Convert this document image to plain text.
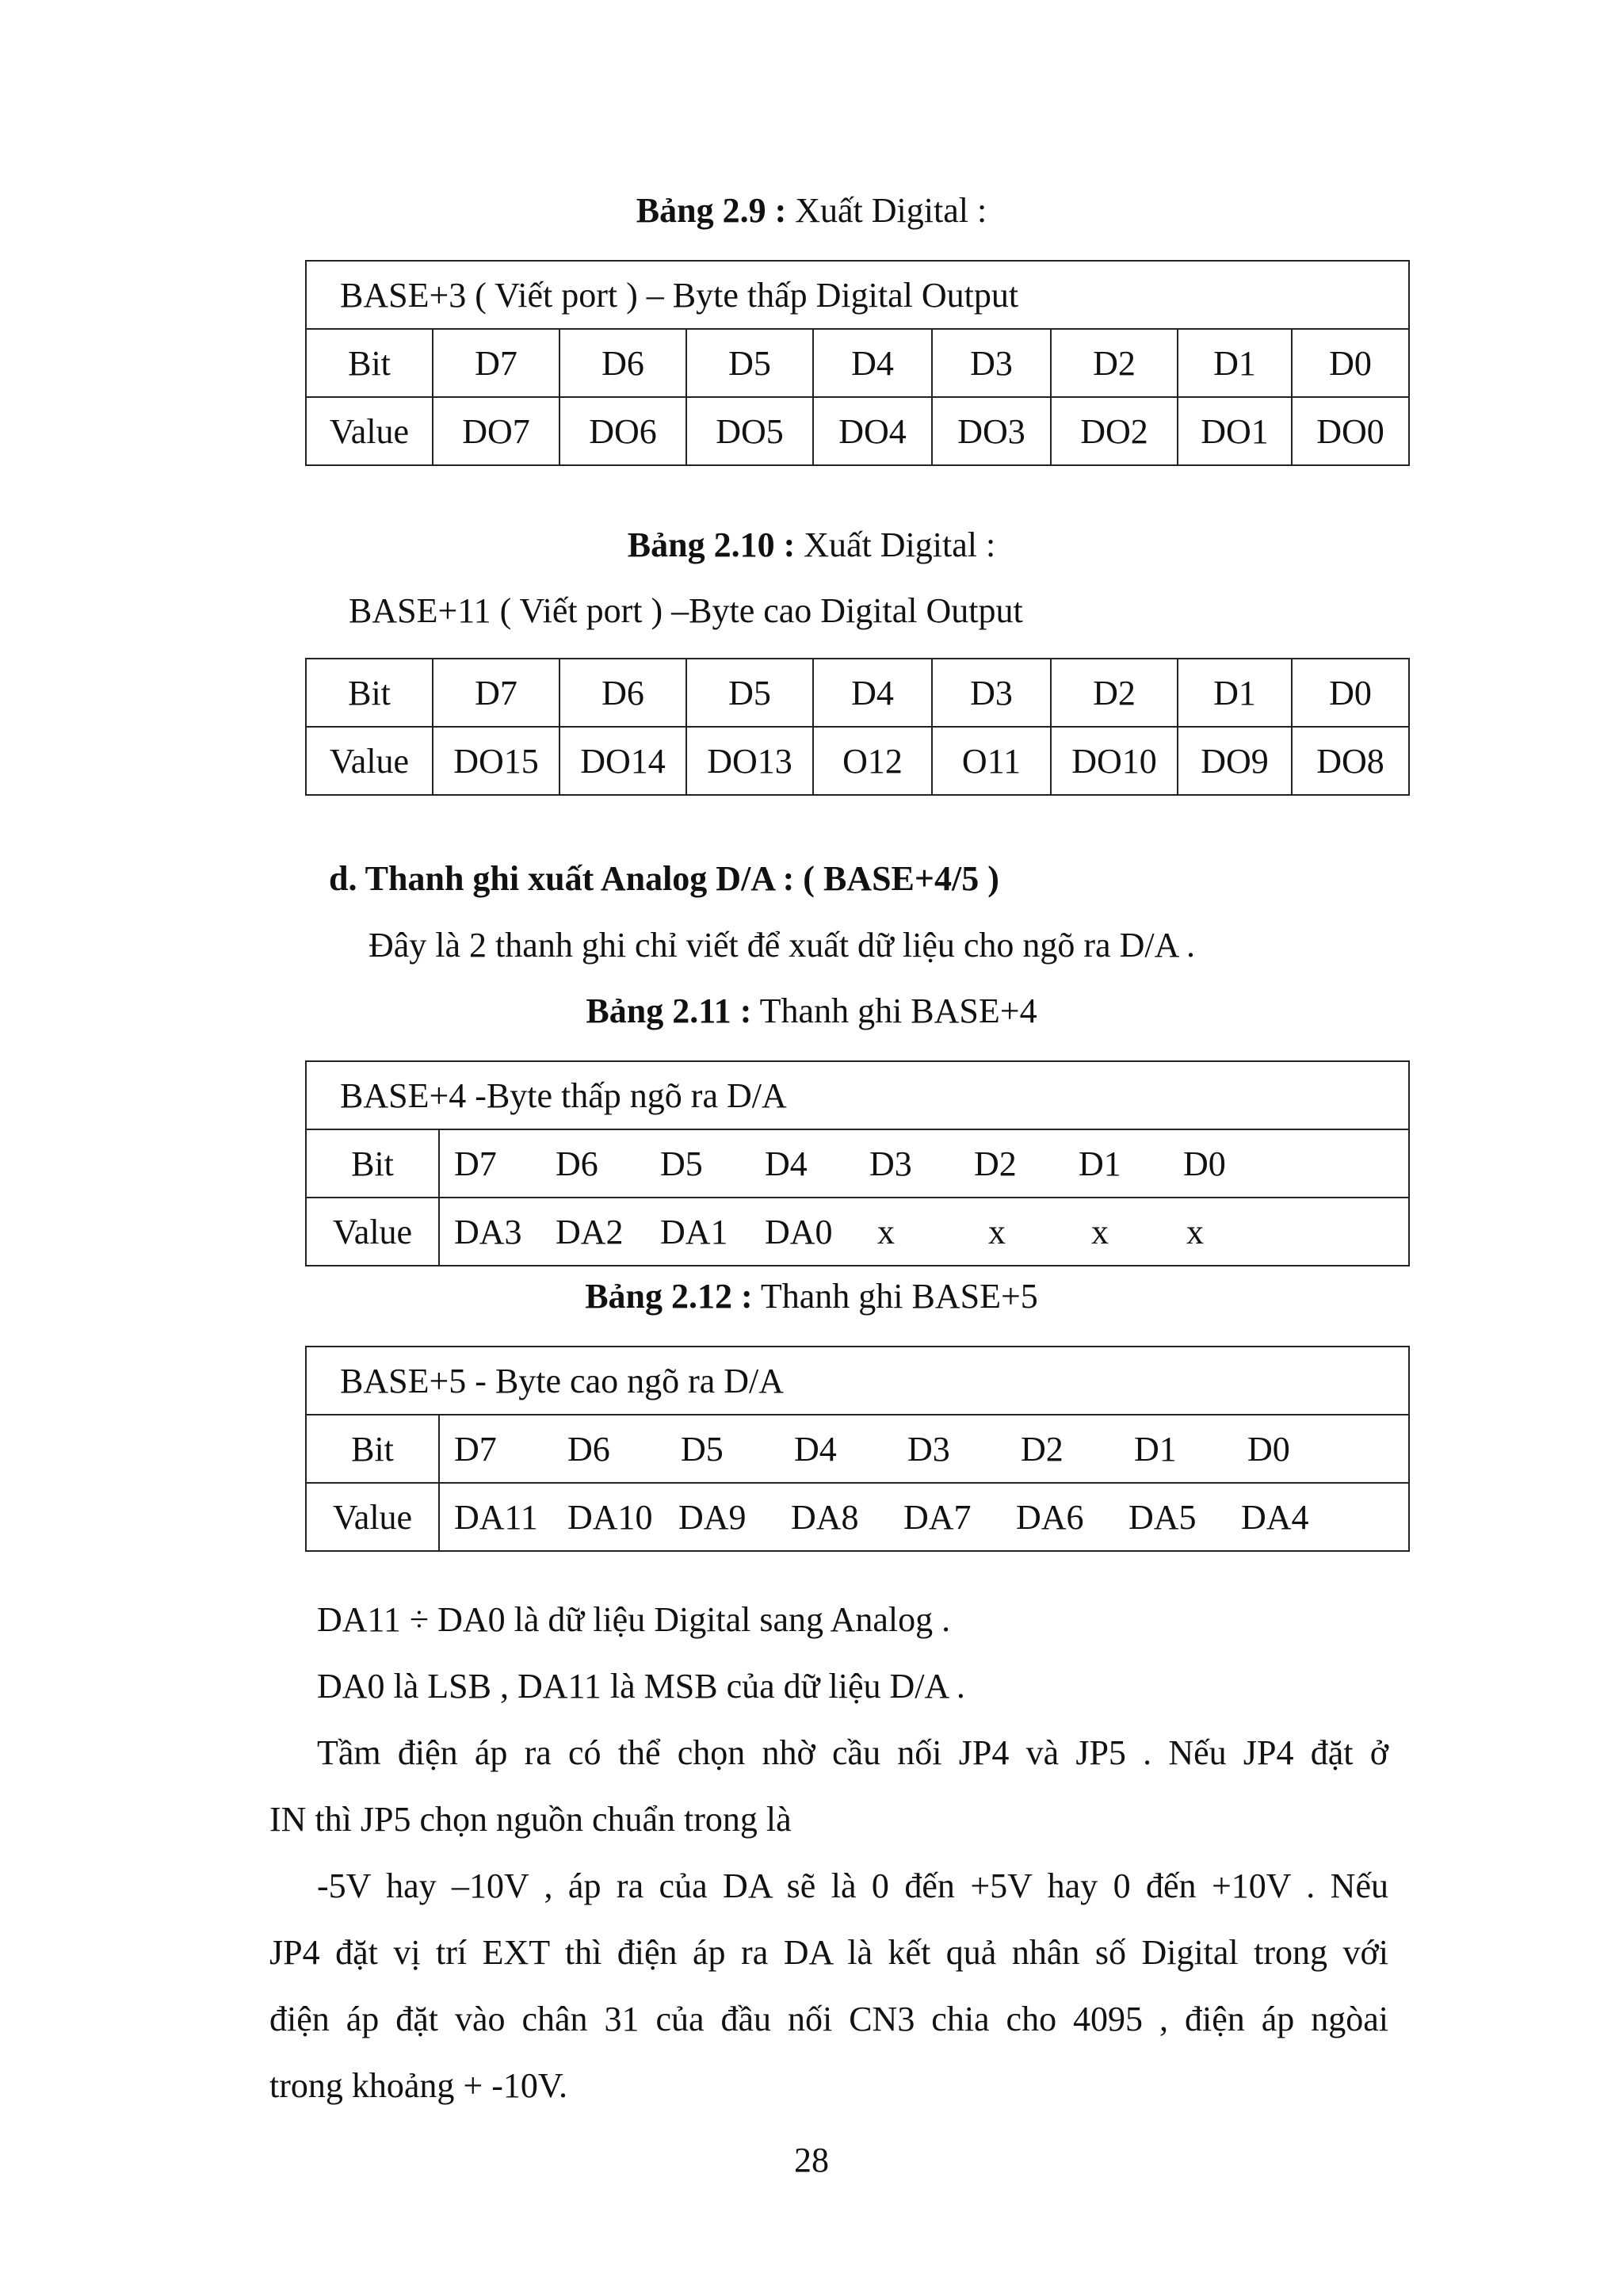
Bảng 2.9 : Xuất Digital :
BASE+3 ( Viết port ) – Byte thấp Digital Output								
Bit	D7	D6	D5	D4	D3	D2	D1	D0
Value	DO7	DO6	DO5	DO4	DO3	DO2	DO1	DO0
Bảng 2.10 : Xuất Digital :
BASE+11 ( Viết port ) –Byte cao Digital Output
Bit	D7	D6	D5	D4	D3	D2	D1	D0
Value	DO15	DO14	DO13	O12	O11	DO10	DO9	DO8
d. Thanh ghi xuất Analog D/A : ( BASE+4/5 )
Đây là 2 thanh ghi chỉ viết để xuất dữ liệu cho ngõ ra D/A .
Bảng 2.11 : Thanh ghi BASE+4
BASE+4 -Byte thấp ngõ ra D/A	
Bit	D7 D6 D5 D4 D3 D2 D1 D0
Value	DA3 DA2 DA1 DA0 x x x x
Bảng 2.12 : Thanh ghi BASE+5
BASE+5 - Byte cao ngõ ra D/A	
Bit	D7 D6 D5 D4 D3 D2 D1 D0
Value	DA11 DA10 DA9 DA8 DA7 DA6 DA5 DA4
DA11 ÷ DA0 là dữ liệu Digital sang Analog .
DA0 là LSB , DA11 là MSB của dữ liệu D/A .
Tầm điện áp ra có thể chọn nhờ cầu nối JP4 và JP5 . Nếu JP4 đặt ở
IN thì JP5 chọn nguồn chuẩn trong là
-5V hay –10V , áp ra của DA sẽ là 0 đến +5V hay 0 đến +10V . Nếu
JP4 đặt vị trí EXT thì điện áp ra DA là kết quả nhân số Digital trong với
điện áp đặt vào chân 31 của đầu nối CN3 chia cho 4095 , điện áp ngòai
trong khoảng + -10V.
28
